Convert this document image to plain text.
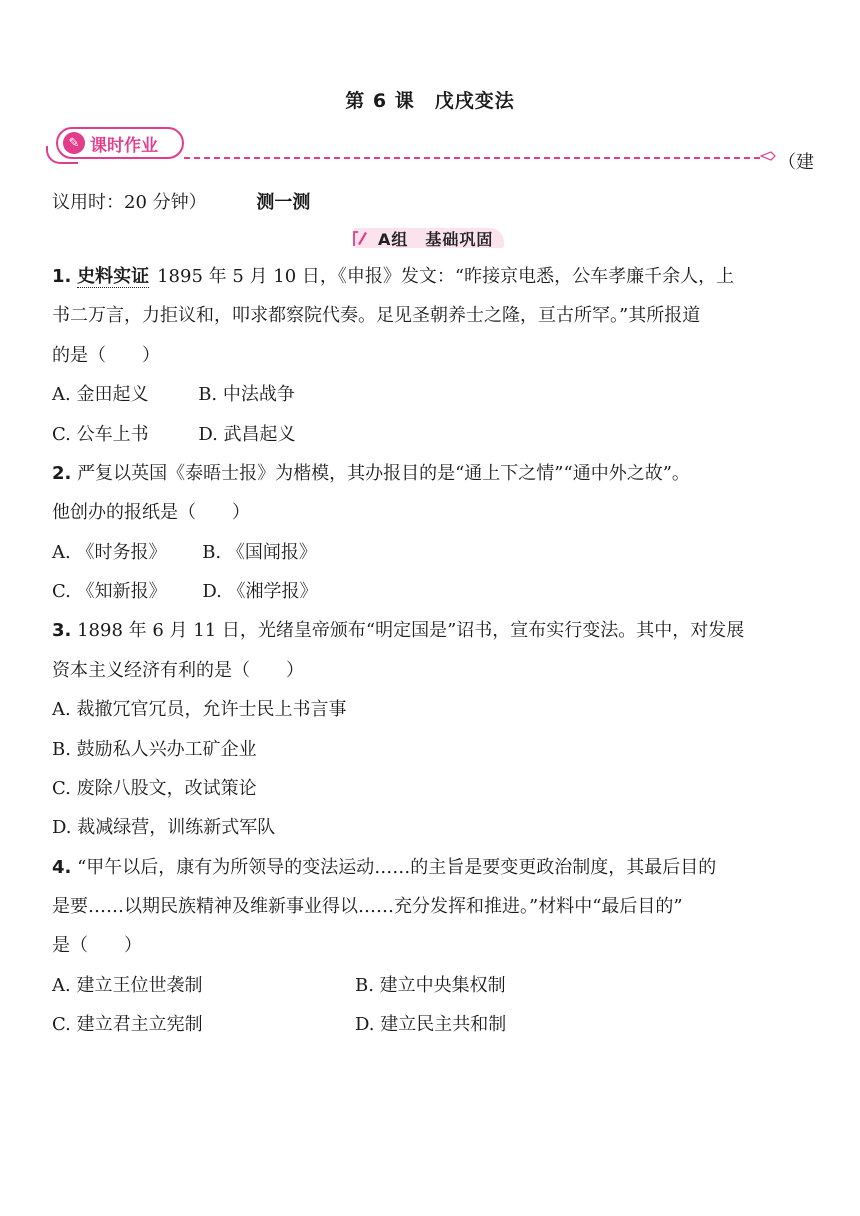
第 6 课　戊戌变法
✎ 课时作业
（建
议用时：20 分钟）	测一测
A组　基础巩固
1. 史料实证 1895 年 5 月 10 日，《申报》发文：“昨接京电悉，公车孝廉千余人，上
书二万言，力拒议和，叩求都察院代奏。足见圣朝养士之隆，亘古所罕。”其所报道
的是（　　）
A. 金田起义	B. 中法战争
C. 公车上书	D. 武昌起义
2. 严复以英国《泰晤士报》为楷模，其办报目的是“通上下之情”“通中外之故”。
他创办的报纸是（　　）
A. 《时务报》 B. 《国闻报》
C. 《知新报》 D. 《湘学报》
3. 1898 年 6 月 11 日，光绪皇帝颁布“明定国是”诏书，宣布实行变法。其中，对发展
资本主义经济有利的是（　　）
A. 裁撤冗官冗员，允许士民上书言事
B. 鼓励私人兴办工矿企业
C. 废除八股文，改试策论
D. 裁减绿营，训练新式军队
4. “甲午以后，康有为所领导的变法运动……的主旨是要变更政治制度，其最后目的
是要……以期民族精神及维新事业得以……充分发挥和推进。”材料中“最后目的”
是（　　）
A. 建立王位世袭制	B. 建立中央集权制
C. 建立君主立宪制	D. 建立民主共和制
